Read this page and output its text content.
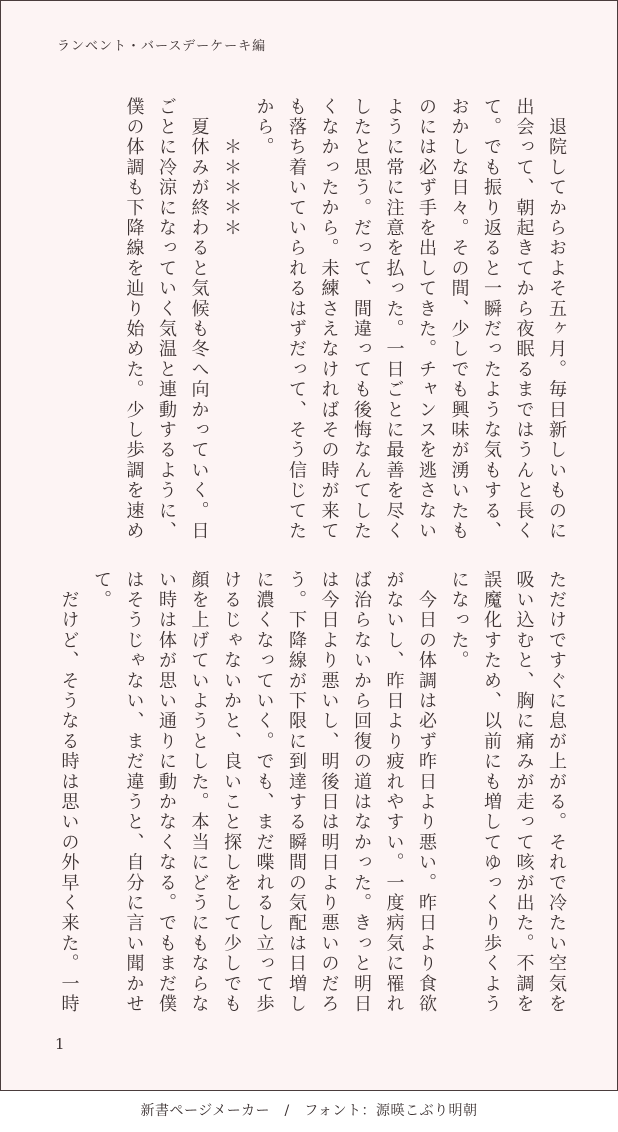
ランベント・バースデーケーキ編

　退院してからおよそ五ヶ月。毎日新しいものに

出会って、朝起きてから夜眠るまではうんと長く

て。でも振り返ると一瞬だったような気もする、

おかしな日々。その間、少しでも興味が湧いたも

のには必ず手を出してきた。チャンスを逃さない

ように常に注意を払った。一日ごとに最善を尽く

したと思う。だって、間違っても後悔なんてした

くなかったから。未練さえなければその時が来て

も落ち着いていられるはずだって、そう信じてた

から。

　　＊＊＊＊＊

　夏休みが終わると気候も冬へ向かっていく。日

ごとに冷涼になっていく気温と連動するように、

僕の体調も下降線を辿り始めた。少し歩調を速め

ただけですぐに息が上がる。それで冷たい空気を

吸い込むと、胸に痛みが走って咳が出た。不調を

誤魔化すため、以前にも増してゆっくり歩くよう

になった。

　今日の体調は必ず昨日より悪い。昨日より食欲

がないし、昨日より疲れやすい。一度病気に罹れ

ば治らないから回復の道はなかった。きっと明日

は今日より悪いし、明後日は明日より悪いのだろ

う。下降線が下限に到達する瞬間の気配は日増し

に濃くなっていく。でも、まだ喋れるし立って歩

けるじゃないかと、良いこと探しをして少しでも

顔を上げていようとした。本当にどうにもならな

い時は体が思い通りに動かなくなる。でもまだ僕

はそうじゃない、まだ違うと、自分に言い聞かせ

て。

　だけど、そうなる時は思いの外早く来た。一時

1
新書ページメーカー　/　フォント：源暎こぶり明朝
